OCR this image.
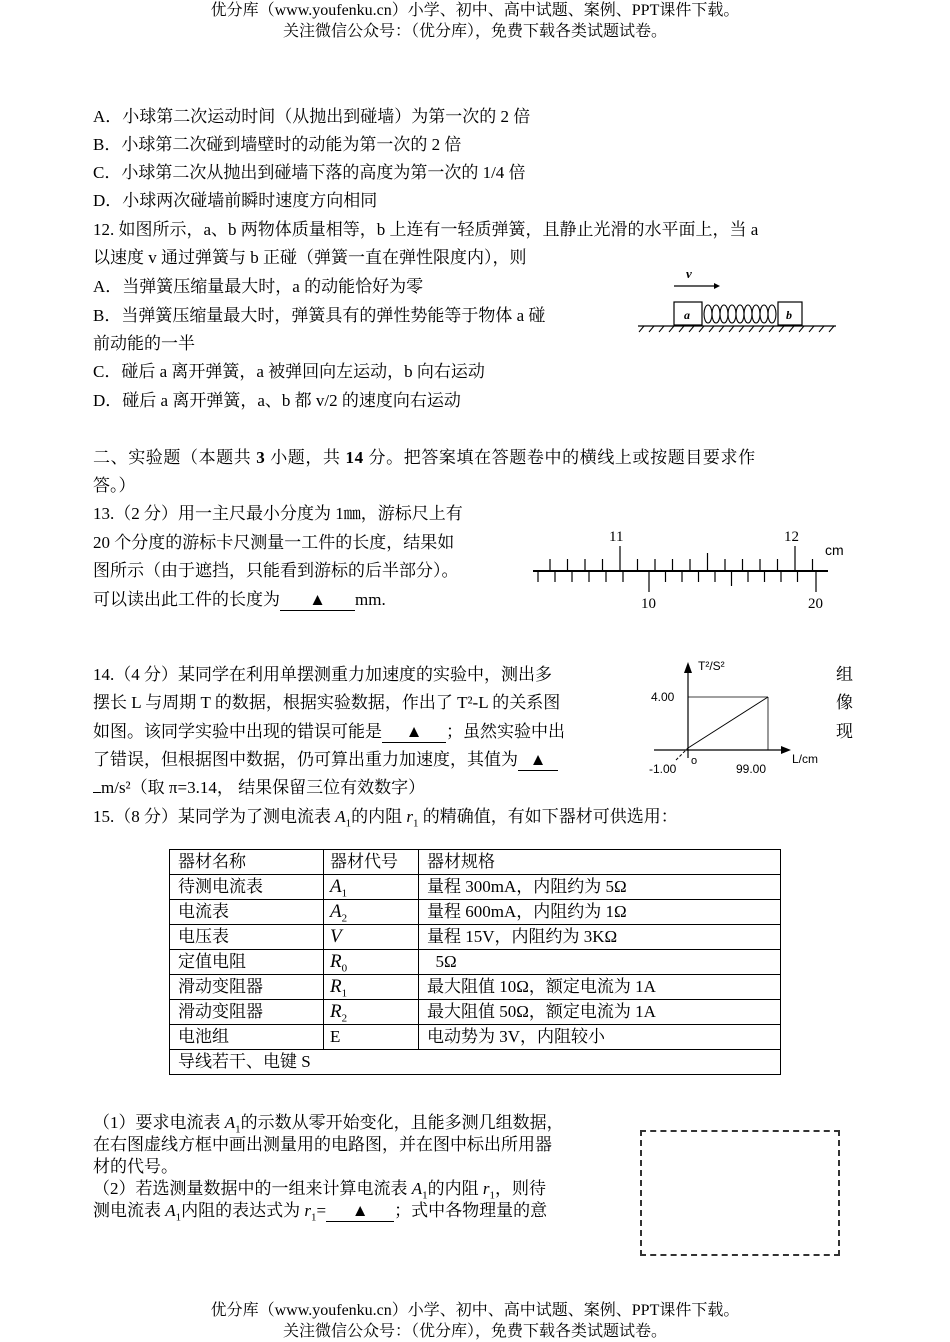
优分库（www.youfenku.cn）小学、初中、高中试题、案例、PPT课件下载。
关注微信公众号：（优分库），免费下载各类试题试卷。
A．小球第二次运动时间（从抛出到碰墙）为第一次的 2 倍
B．小球第二次碰到墙壁时的动能为第一次的 2 倍
C．小球第二次从抛出到碰墙下落的高度为第一次的 1/4 倍
D．小球两次碰墙前瞬时速度方向相同
12. 如图所示，a、b 两物体质量相等，b 上连有一轻质弹簧，且静止光滑的水平面上，当 a
以速度 v 通过弹簧与 b 正碰（弹簧一直在弹性限度内），则
A．当弹簧压缩量最大时，a 的动能恰好为零
B．当弹簧压缩量最大时，弹簧具有的弹性势能等于物体 a 碰
前动能的一半
C．碰后 a 离开弹簧，a 被弹回向左运动，b 向右运动
D．碰后 a 离开弹簧，a、b 都 v/2 的速度向右运动
v
a	b
二、实验题（本题共 3 小题，共 14 分。把答案填在答题卷中的横线上或按题目要求作
答。）
13.（2 分）用一主尺最小分度为 1㎜，游标尺上有
20 个分度的游标卡尺测量一工件的长度，结果如
图所示（由于遮挡，只能看到游标的后半部分）。
可以读出此工件的长度为 ▲ mm.
11	12
cm
10	20
14.（4 分）某同学在利用单摆测重力加速度的实验中，测出多	组
摆长 L 与周期 T 的数据，根据实验数据，作出了 T²-L 的关系图	像
如图。该同学实验中出现的错误可能是 ▲ ；虽然实验中出	现
了错误，但根据图中数据，仍可算出重力加速度，其值为 ▲
m/s²（取 π=3.14， 结果保留三位有效数字）
T²/S²
L/cm
4.00
-1.00
o
99.00
15.（8 分）某同学为了测电流表 $A_1$的内阻 $r_1$ 的精确值，有如下器材可供选用：
器材名称	器材代号	器材规格
待测电流表	$A_1$	量程 300mA，内阻约为 5Ω
电流表	$A_2$	量程 600mA，内阻约为 1Ω
电压表	V	量程 15V，内阻约为 3KΩ
定值电阻	$R_0$	5Ω
滑动变阻器	$R_1$	最大阻值 10Ω，额定电流为 1A
滑动变阻器	$R_2$	最大阻值 50Ω，额定电流为 1A
电池组	E	电动势为 3V，内阻较小
导线若干、电键 S		
（1）要求电流表 $A_1$的示数从零开始变化，且能多测几组数据，
在右图虚线方框中画出测量用的电路图，并在图中标出所用器
材的代号。
（2）若选测量数据中的一组来计算电流表 $A_1$的内阻 $r_1$，则待
测电流表 $A_1$内阻的表达式为 $r_1=$ ▲ ；式中各物理量的意
优分库（www.youfenku.cn）小学、初中、高中试题、案例、PPT课件下载。
关注微信公众号：（优分库），免费下载各类试题试卷。
